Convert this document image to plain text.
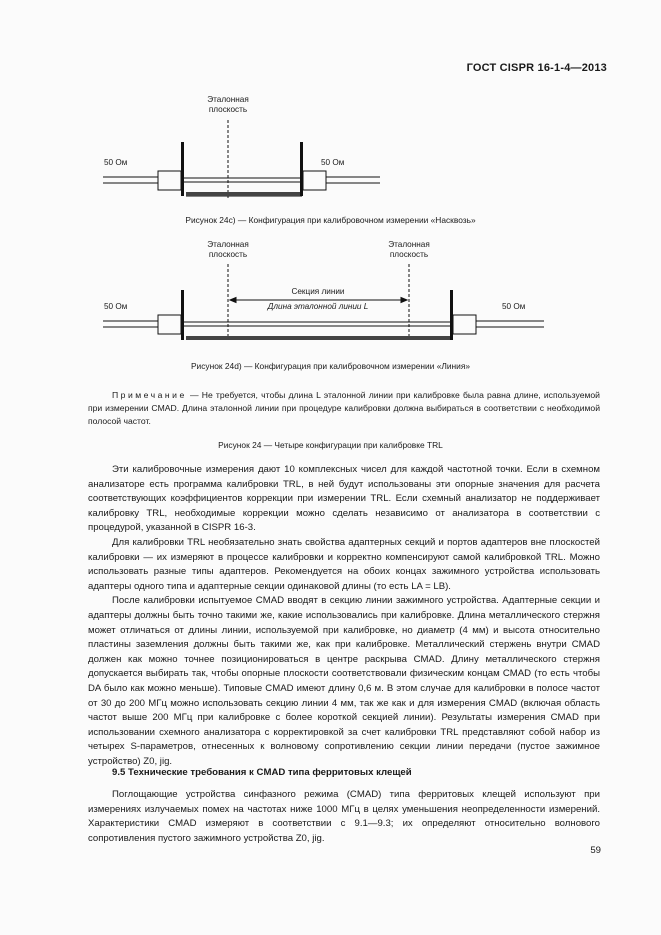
ГОСТ CISPR 16-1-4—2013
Эталонная
плоскость
50 Ом	50 Ом
Рисунок 24с) — Конфигурация при калибровочном измерении «Насквозь»
Эталонная
плоскость
Эталонная
плоскость
Секция линии
Длина эталонной линии L
50 Ом	50 Ом
Рисунок 24d) — Конфигурация при калибровочном измерении «Линия»
Примечание — Не требуется, чтобы длина L эталонной линии при калибровке была равна длине, используемой при измерении CMAD. Длина эталонной линии при процедуре калибровки должна выбираться в соответствии с необходимой полосой частот.
Рисунок 24 — Четыре конфигурации при калибровке TRL

Эти калибровочные измерения дают 10 комплексных чисел для каждой частотной точки. Если в схемном анализаторе есть программа калибровки TRL, в ней будут использованы эти опорные значения для расчета соответствующих коэффициентов коррекции при измерении TRL. Если схемный анализатор не поддерживает калибровку TRL, необходимые коррекции можно сделать независимо от анализатора в соответствии с процедурой, указанной в CISPR 16-3.

Для калибровки TRL необязательно знать свойства адаптерных секций и портов адаптеров вне плоскостей калибровки — их измеряют в процессе калибровки и корректно компенсируют самой калибровкой TRL. Можно использовать разные типы адаптеров. Рекомендуется на обоих концах зажимного устройства использовать адаптеры одного типа и адаптерные секции одинаковой длины (то есть LA = LB).

После калибровки испытуемое CMAD вводят в секцию линии зажимного устройства. Адаптерные секции и адаптеры должны быть точно такими же, какие использовались при калибровке. Длина металлического стержня может отличаться от длины линии, используемой при калибровке, но диаметр (4 мм) и высота относительно пластины заземления должны быть такими же, как при калибровке. Металлический стержень внутри CMAD должен как можно точнее позиционироваться в центре раскрыва CMAD. Длину металлического стержня допускается выбирать так, чтобы опорные плоскости соответствовали физическим концам CMAD (то есть чтобы DA было как можно меньше). Типовые CMAD имеют длину 0,6 м. В этом случае для калибровки в полосе частот от 30 до 200 МГц можно использовать секцию линии 4 мм, так же как и для измерения CMAD (включая область частот выше 200 МГц при калибровке с более короткой секцией линии). Результаты измерения CMAD при использовании схемного анализатора с корректировкой за счет калибровки TRL представляют собой набор из четырех S-параметров, отнесенных к волновому сопротивлению секции линии передачи (пустое зажимное устройство) Z0, jig.

9.5 Технические требования к CMAD типа ферритовых клещей

Поглощающие устройства синфазного режима (CMAD) типа ферритовых клещей используют при измерениях излучаемых помех на частотах ниже 1000 МГц в целях уменьшения неопределенности измерений. Характеристики CMAD измеряют в соответствии с 9.1—9.3; их определяют относительно волнового сопротивления пустого зажимного устройства Z0, jig.

59
